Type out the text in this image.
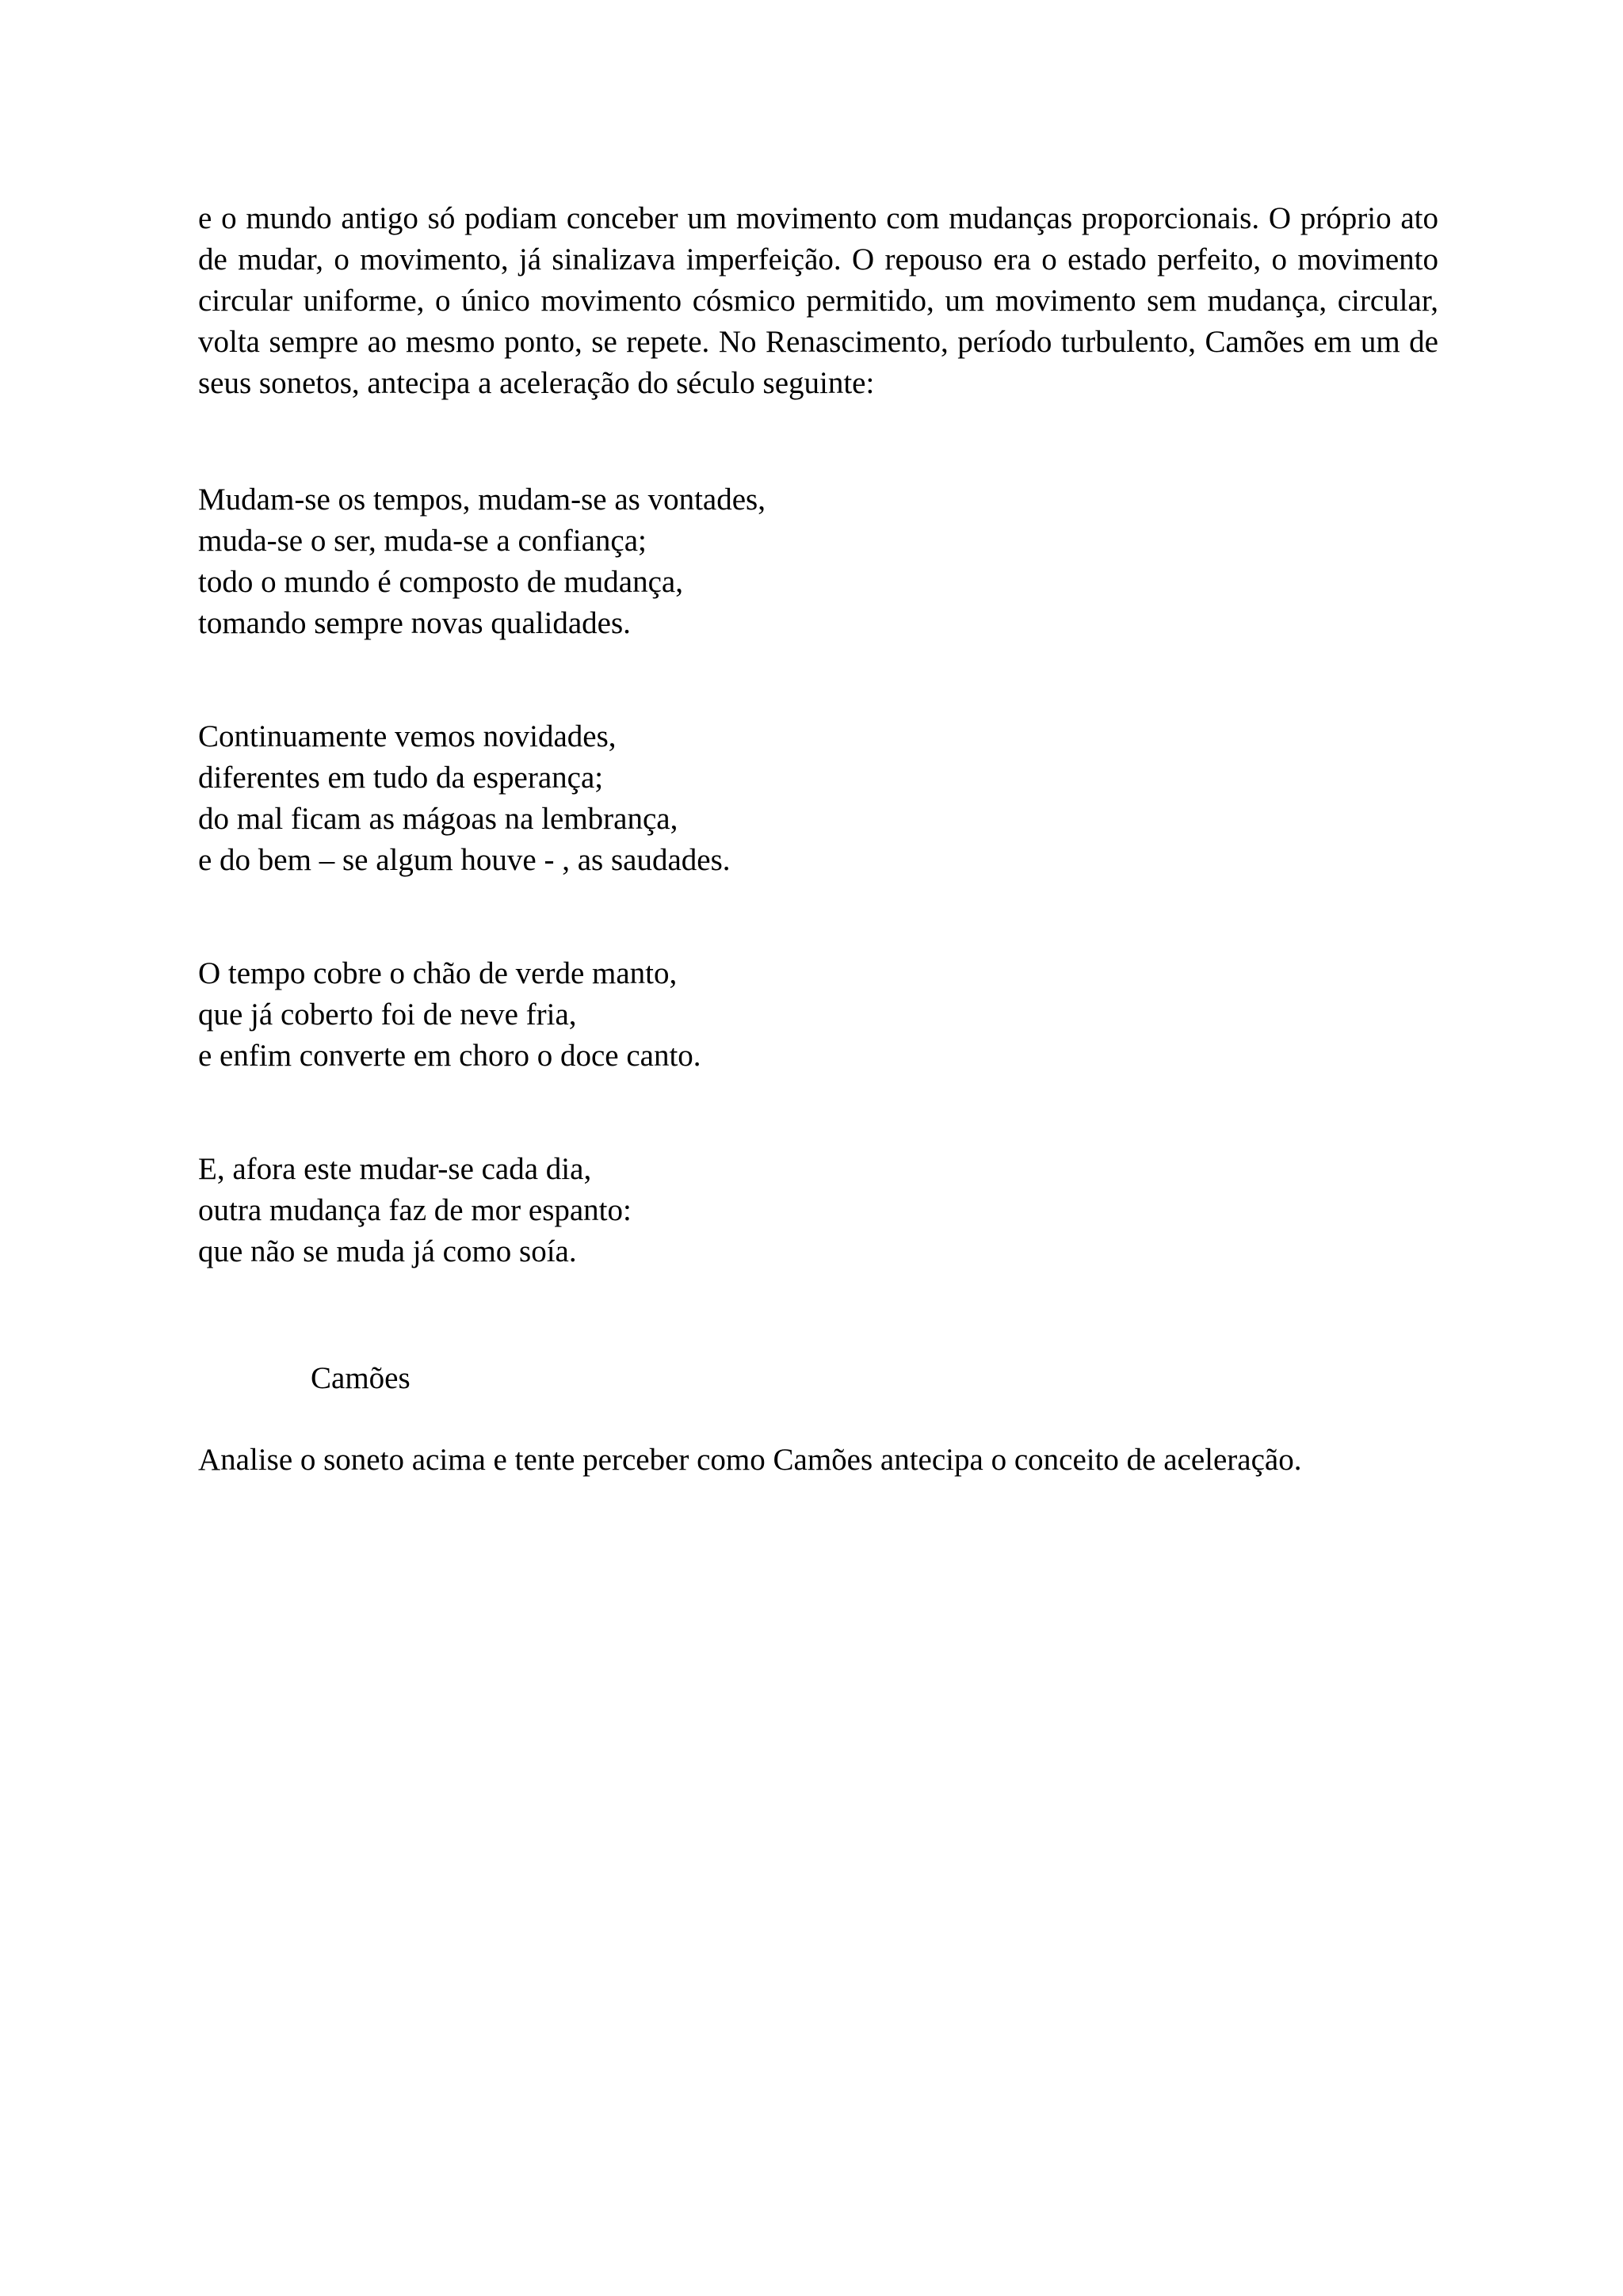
e o mundo antigo só podiam conceber um movimento com mudanças proporcionais. O próprio ato
de mudar, o movimento, já sinalizava imperfeição. O repouso era o estado perfeito, o movimento
circular uniforme, o único movimento cósmico permitido, um movimento sem mudança, circular,
volta sempre ao mesmo ponto, se repete. No Renascimento, período turbulento, Camões em um de
seus sonetos, antecipa a aceleração do século seguinte:

Mudam-se os tempos, mudam-se as vontades,
muda-se o ser, muda-se a confiança;
todo o mundo é composto de mudança,
tomando sempre novas qualidades.

Continuamente vemos novidades,
diferentes em tudo da esperança;
do mal ficam as mágoas na lembrança,
e do bem – se algum houve - , as saudades.

O tempo cobre o chão de verde manto,
que já coberto foi de neve fria,
e enfim converte em choro o doce canto.

E, afora este mudar-se cada dia,
outra mudança faz de mor espanto:
que não se muda já como soía.

Camões

Analise o soneto acima e tente perceber como Camões antecipa o conceito de aceleração.
